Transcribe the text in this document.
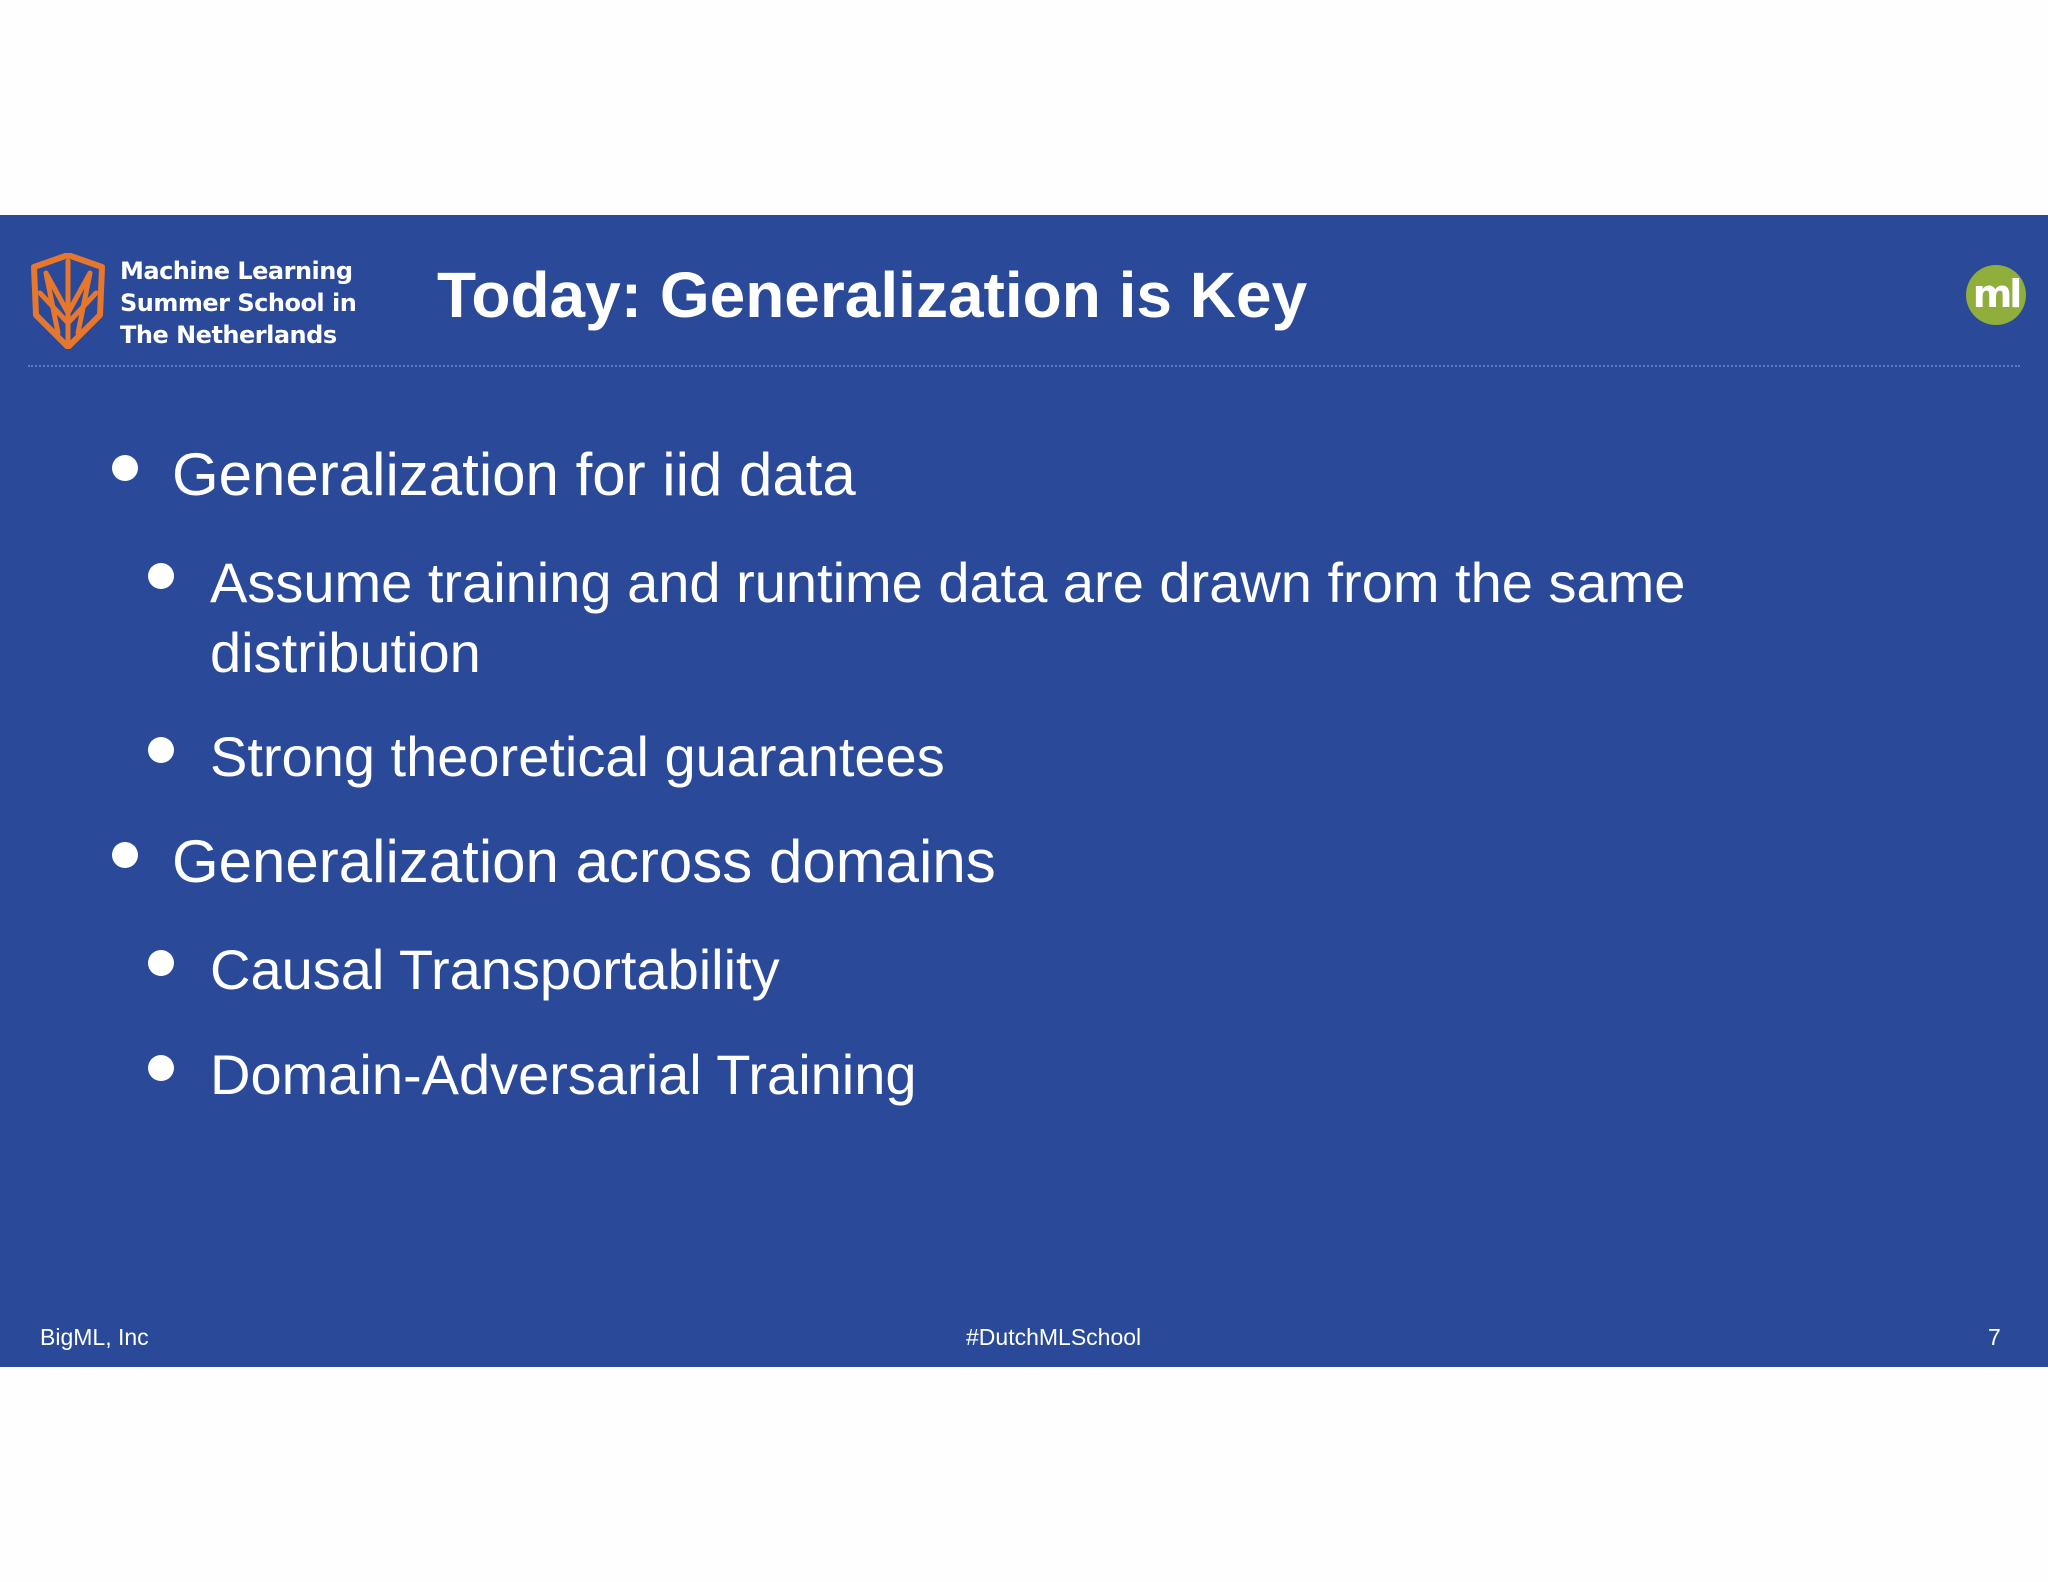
Machine Learning
Summer School in
The Netherlands
Today: Generalization is Key	ml
Generalization for iid data
Assume training and runtime data are drawn from the same
distribution
Strong theoretical guarantees
Generalization across domains
Causal Transportability
Domain-Adversarial Training
BigML, Inc	#DutchMLSchool	7
